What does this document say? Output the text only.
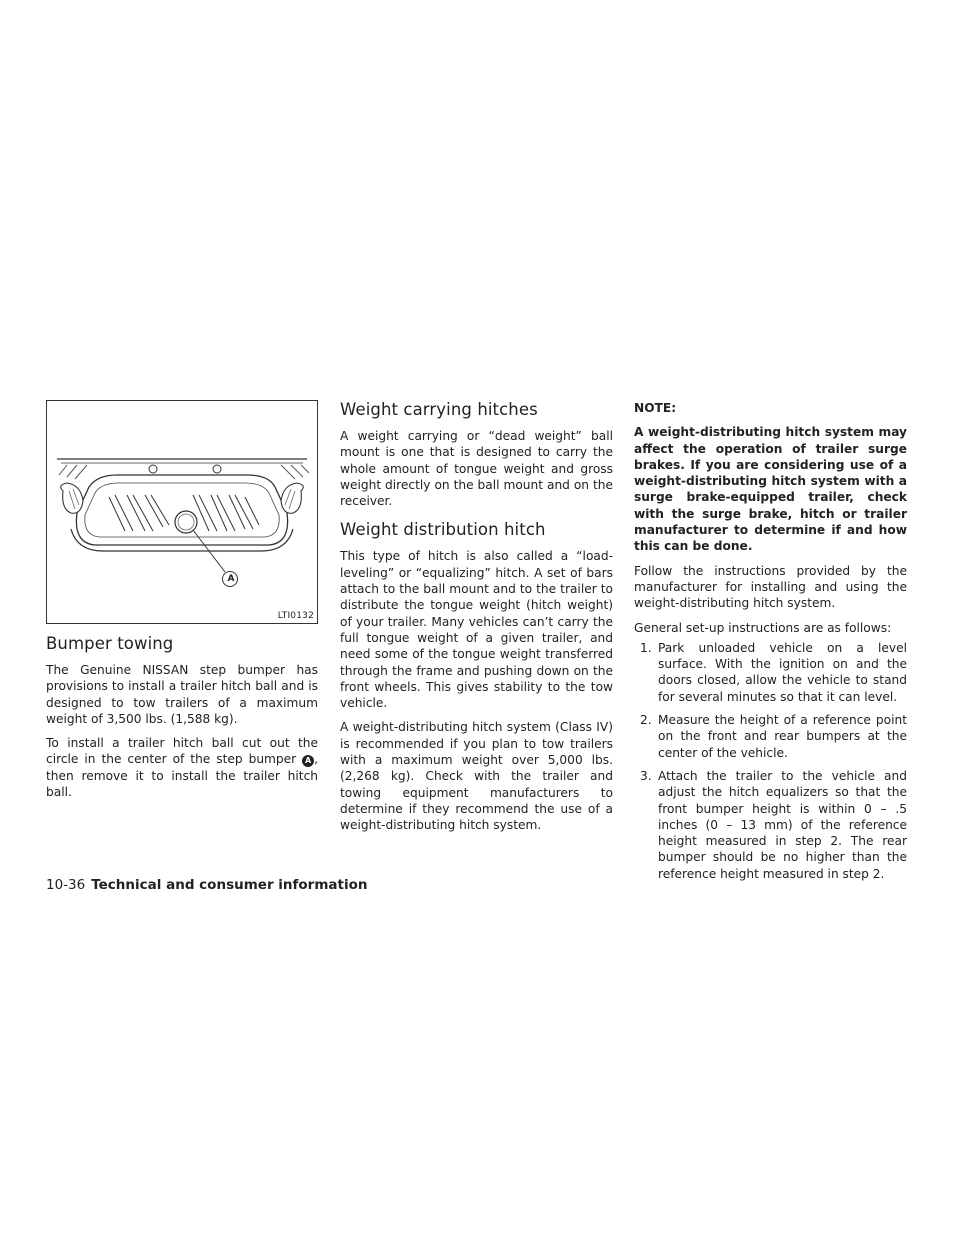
A
LTI0132
Bumper towing

The Genuine NISSAN step bumper has provisions to install a trailer hitch ball and is designed to tow trailers of a maximum weight of 3,500 lbs. (1,588 kg).

To install a trailer hitch ball cut out the circle in the center of the step bumper A , then remove it to install the trailer hitch ball.

Weight carrying hitches

A weight carrying or “dead weight” ball mount is one that is designed to carry the whole amount of tongue weight and gross weight directly on the ball mount and on the receiver.

Weight distribution hitch

This type of hitch is also called a “load-leveling” or “equalizing” hitch. A set of bars attach to the ball mount and to the trailer to distribute the tongue weight (hitch weight) of your trailer. Many vehicles can’t carry the full tongue weight of a given trailer, and need some of the tongue weight transferred through the frame and pushing down on the front wheels. This gives stability to the tow vehicle.

A weight-distributing hitch system (Class IV) is recommended if you plan to tow trailers with a maximum weight over 5,000 lbs. (2,268 kg). Check with the trailer and towing equipment manufacturers to determine if they recommend the use of a weight-distributing hitch system.

NOTE:

A weight-distributing hitch system may affect the operation of trailer surge brakes. If you are considering use of a weight-distributing hitch system with a surge brake-equipped trailer, check with the surge brake, hitch or trailer manufacturer to determine if and how this can be done.

Follow the instructions provided by the manufacturer for installing and using the weight-distributing hitch system.

General set-up instructions are as follows:

1. Park unloaded vehicle on a level surface. With the ignition on and the doors closed, allow the vehicle to stand for several minutes so that it can level.
2. Measure the height of a reference point on the front and rear bumpers at the center of the vehicle.
3. Attach the trailer to the vehicle and adjust the hitch equalizers so that the front bumper height is within 0 – .5 inches (0 – 13 mm) of the reference height measured in step 2. The rear bumper should be no higher than the reference height measured in step 2.
10-36 Technical and consumer information
